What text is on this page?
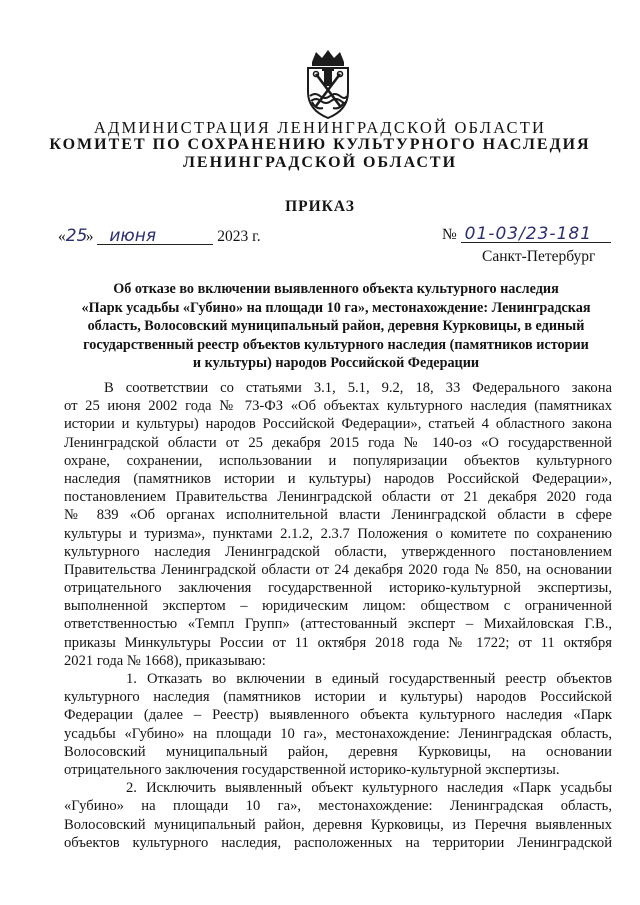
АДМИНИСТРАЦИЯ ЛЕНИНГРАДСКОЙ ОБЛАСТИ
КОМИТЕТ ПО СОХРАНЕНИЮ КУЛЬТУРНОГО НАСЛЕДИЯ
ЛЕНИНГРАДСКОЙ ОБЛАСТИ
ПРИКАЗ
«25» июня	2023 г.	№ 01-03/23-181
Санкт-Петербург
Об отказе во включении выявленного объекта культурного наследия
«Парк усадьбы «Губино» на площади 10 га», местонахождение: Ленинградская
область, Волосовский муниципальный район, деревня Курковицы, в единый
государственный реестр объектов культурного наследия (памятников истории
и культуры) народов Российской Федерации
В соответствии со статьями 3.1, 5.1, 9.2, 18, 33 Федерального закона
от 25 июня 2002 года № 73-ФЗ «Об объектах культурного наследия (памятниках
истории и культуры) народов Российской Федерации», статьей 4 областного закона
Ленинградской области от 25 декабря 2015 года № 140-оз «О государственной
охране, сохранении, использовании и популяризации объектов культурного
наследия (памятников истории и культуры) народов Российской Федерации»,
постановлением Правительства Ленинградской области от 21 декабря 2020 года
№ 839 «Об органах исполнительной власти Ленинградской области в сфере
культуры и туризма», пунктами 2.1.2, 2.3.7 Положения о комитете по сохранению
культурного наследия Ленинградской области, утвержденного постановлением
Правительства Ленинградской области от 24 декабря 2020 года № 850, на основании
отрицательного заключения государственной историко-культурной экспертизы,
выполненной экспертом – юридическим лицом: обществом с ограниченной
ответственностью «Темпл Групп» (аттестованный эксперт – Михайловская Г.В.,
приказы Минкультуры России от 11 октября 2018 года № 1722; от 11 октября
2021 года № 1668), приказываю:
1. Отказать во включении в единый государственный реестр объектов
культурного наследия (памятников истории и культуры) народов Российской
Федерации (далее – Реестр) выявленного объекта культурного наследия «Парк
усадьбы «Губино» на площади 10 га», местонахождение: Ленинградская область,
Волосовский муниципальный район, деревня Курковицы, на основании
отрицательного заключения государственной историко-культурной экспертизы.
2. Исключить выявленный объект культурного наследия «Парк усадьбы
«Губино» на площади 10 га», местонахождение: Ленинградская область,
Волосовский муниципальный район, деревня Курковицы, из Перечня выявленных
объектов культурного наследия, расположенных на территории Ленинградской
